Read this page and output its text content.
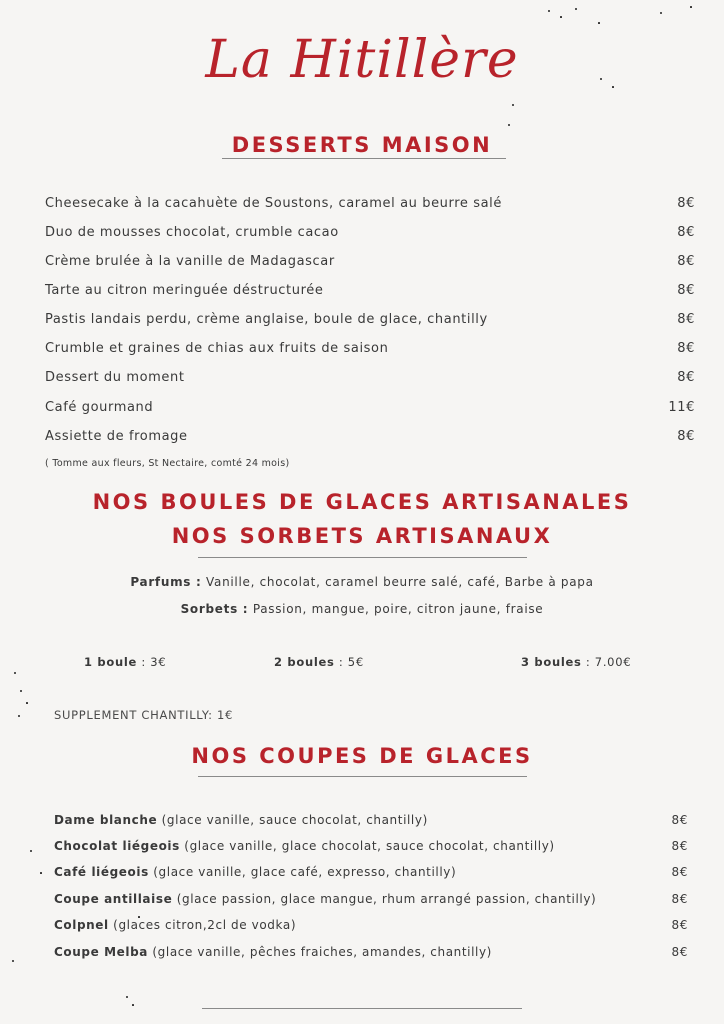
La Hitillère
DESSERTS MAISON
Cheesecake à la cacahuète de Soustons, caramel au beurre salé	8€
Duo de mousses chocolat, crumble cacao	8€
Crème brulée à la vanille de Madagascar	8€
Tarte au citron meringuée déstructurée	8€
Pastis landais perdu, crème anglaise, boule de glace, chantilly	8€
Crumble et graines de chias aux fruits de saison	8€
Dessert du moment	8€
Café gourmand	11€
Assiette de fromage	8€
( Tomme aux fleurs, St Nectaire, comté 24 mois)
NOS BOULES DE GLACES ARTISANALES
NOS SORBETS ARTISANAUX
Parfums : Vanille, chocolat, caramel beurre salé, café, Barbe à papa
Sorbets : Passion, mangue, poire, citron jaune, fraise
1 boule : 3€	2 boules : 5€	3 boules : 7.00€
SUPPLEMENT CHANTILLY: 1€
NOS COUPES DE GLACES
Dame blanche (glace vanille, sauce chocolat, chantilly)	8€
Chocolat liégeois (glace vanille, glace chocolat, sauce chocolat, chantilly)	8€
Café liégeois (glace vanille, glace café, expresso, chantilly)	8€
Coupe antillaise (glace passion, glace mangue, rhum arrangé passion, chantilly)	8€
Colpnel (glaces citron,2cl de vodka)	8€
Coupe Melba (glace vanille, pêches fraiches, amandes, chantilly)	8€
